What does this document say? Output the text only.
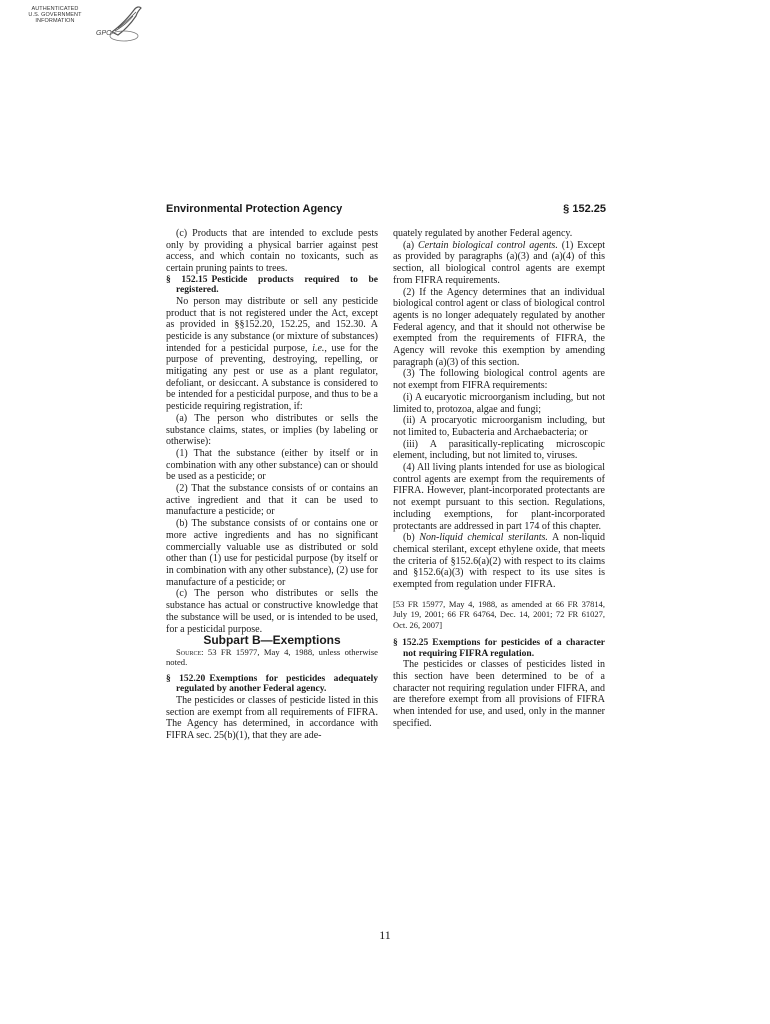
AUTHENTICATED
U.S. GOVERNMENT
INFORMATION
GPO
Environmental Protection Agency	§ 152.25

(c) Products that are intended to exclude pests only by providing a physical barrier against pest access, and which contain no toxicants, such as certain pruning paints to trees.

§ 152.15 Pesticide products required to be registered.

No person may distribute or sell any pesticide product that is not registered under the Act, except as provided in §§152.20, 152.25, and 152.30. A pesticide is any substance (or mixture of substances) intended for a pesticidal purpose, i.e., use for the purpose of preventing, destroying, repelling, or mitigating any pest or use as a plant regulator, defoliant, or desiccant. A substance is considered to be intended for a pesticidal purpose, and thus to be a pesticide requiring registration, if:

(a) The person who distributes or sells the substance claims, states, or implies (by labeling or otherwise):

(1) That the substance (either by itself or in combination with any other substance) can or should be used as a pesticide; or

(2) That the substance consists of or contains an active ingredient and that it can be used to manufacture a pesticide; or

(b) The substance consists of or contains one or more active ingredients and has no significant commercially valuable use as distributed or sold other than (1) use for pesticidal purpose (by itself or in combination with any other substance), (2) use for manufacture of a pesticide; or

(c) The person who distributes or sells the substance has actual or constructive knowledge that the substance will be used, or is intended to be used, for a pesticidal purpose.

Subpart B—Exemptions

Source: 53 FR 15977, May 4, 1988, unless otherwise noted.

§ 152.20 Exemptions for pesticides adequately regulated by another Federal agency.

The pesticides or classes of pesticide listed in this section are exempt from all requirements of FIFRA. The Agency has determined, in accordance with FIFRA sec. 25(b)(1), that they are ade-

quately regulated by another Federal agency.

(a) Certain biological control agents. (1) Except as provided by paragraphs (a)(3) and (a)(4) of this section, all biological control agents are exempt from FIFRA requirements.

(2) If the Agency determines that an individual biological control agent or class of biological control agents is no longer adequately regulated by another Federal agency, and that it should not otherwise be exempted from the requirements of FIFRA, the Agency will revoke this exemption by amending paragraph (a)(3) of this section.

(3) The following biological control agents are not exempt from FIFRA requirements:

(i) A eucaryotic microorganism including, but not limited to, protozoa, algae and fungi;

(ii) A procaryotic microorganism including, but not limited to, Eubacteria and Archaebacteria; or

(iii) A parasitically-replicating microscopic element, including, but not limited to, viruses.

(4) All living plants intended for use as biological control agents are exempt from the requirements of FIFRA. However, plant-incorporated protectants are not exempt pursuant to this section. Regulations, including exemptions, for plant-incorporated protectants are addressed in part 174 of this chapter.

(b) Non-liquid chemical sterilants. A non-liquid chemical sterilant, except ethylene oxide, that meets the criteria of §152.6(a)(2) with respect to its claims and §152.6(a)(3) with respect to its use sites is exempted from regulation under FIFRA.

[53 FR 15977, May 4, 1988, as amended at 66 FR 37814, July 19, 2001; 66 FR 64764, Dec. 14, 2001; 72 FR 61027, Oct. 26, 2007]

§ 152.25 Exemptions for pesticides of a character not requiring FIFRA regulation.

The pesticides or classes of pesticides listed in this section have been determined to be of a character not requiring regulation under FIFRA, and are therefore exempt from all provisions of FIFRA when intended for use, and used, only in the manner specified.

11
